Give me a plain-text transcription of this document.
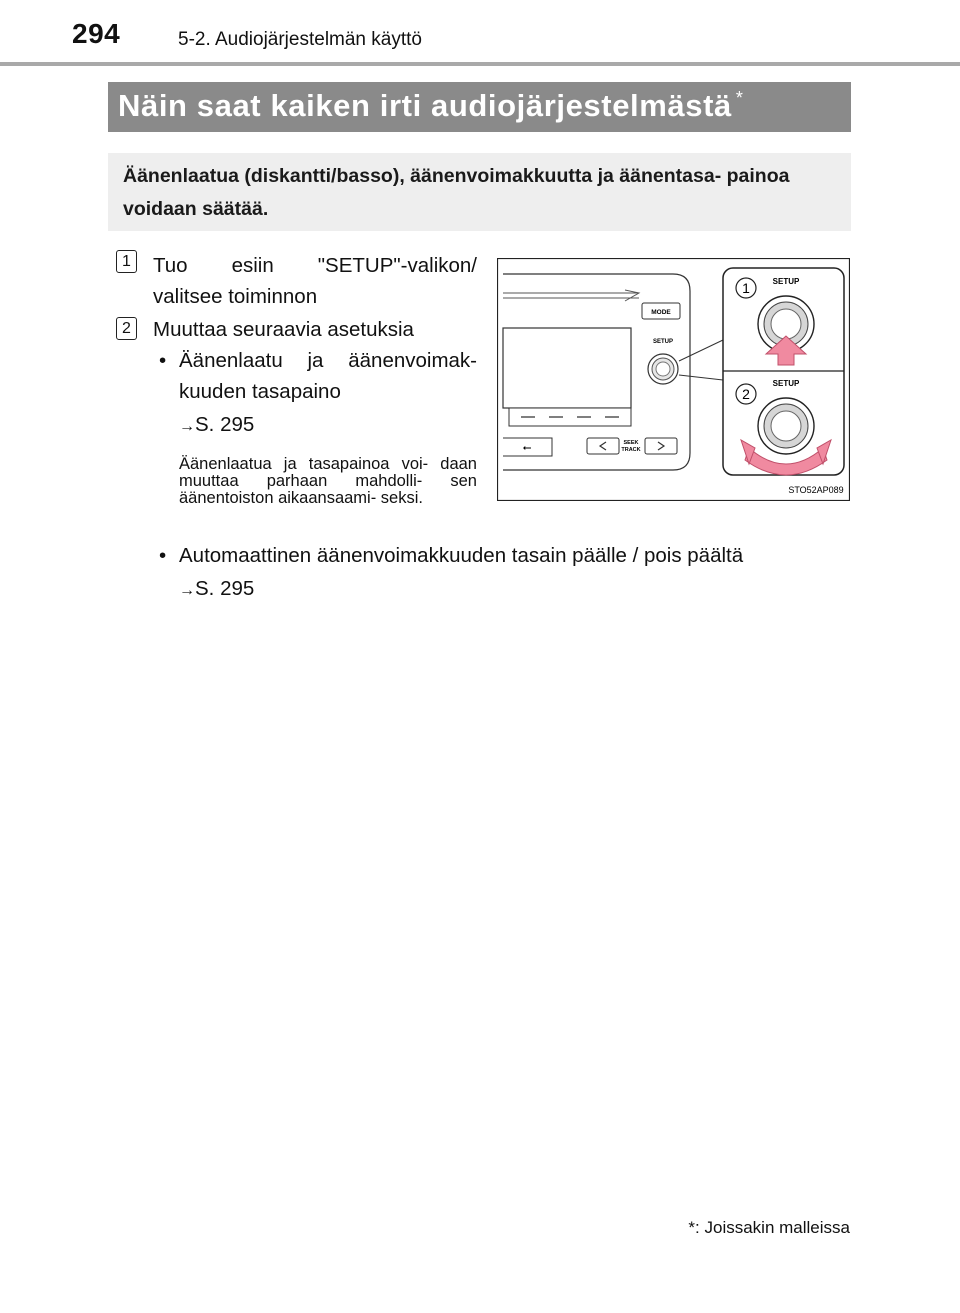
294	5-2. Audiojärjestelmän käyttö
Näin saat kaiken irti audiojärjestelmästä *
Äänenlaatua (diskantti/basso), äänenvoimakkuutta ja äänentasa- painoa voidaan säätää.
1 Tuo esiin "SETUP"-valikon/
valitsee toiminnon
2 Muuttaa seuraavia asetuksia
• Äänenlaatu ja äänenvoimak-
kuuden tasapaino
→S. 295
Äänenlaatua ja tasapainoa voi- daan muuttaa parhaan mahdolli- sen äänentoiston aikaansaami- seksi.
• Automaattinen äänenvoimakkuuden tasain päälle / pois päältä
→S. 295
MODE
SETUP
⭠	SEEK
TRACK
1	SETUP
2
SETUP
STO52AP089
*: Joissakin malleissa
